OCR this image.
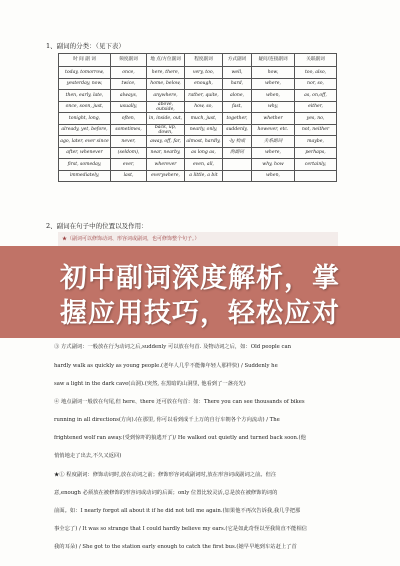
1、副词的分类：（见下表）
时 间 副 词	频度副词	地 点/方位副词	程度副词	方式副词	疑问/连接副词	关联副词
today, tomorrow,	once,	here, there,	very, too,	well,	how,	too, also,
yesterday, now,	twice,	home, below,	enough,	hard,	where,	nor, so,
then, early, late,	always,	anywhere,	rather, quite,	alone,	when,	as, on,off,
once, soon, just,	usually,	above, outside,	how, so,	fast,	why,	either,
tonight, long,	often,	in, inside, out,	much, just,	together,	whether	yes, no,
already, yet, before,	sometimes,	back, up, down,	nearly, only,	suddenly,	however, etc.	not, neither
ago, later, ever since	never,	away, off, far,	almost, hardly,	-ly 构成	关系副词	maybe,
after, whenever	(seldom),	near, nearby,	as long as,	的副词	where,	perhaps,
first, someday,	ever,	wherever	even, all,		why, how	certainly,
immediately,	last,	everywhere,	a little, a bit		when,	
2、副词在句子中的位置以及作用：
★（副词可以修饰动词、形容词或副词，也可修饰整个句子。）
初中副词深度解析，掌
握应用技巧，轻松应对
③ 方式副词：一般放在行为动词之后,suddenly 可以放在句首. 及物动词之后，如：Old people can
hardly walk as quickly as young people.(老年人几乎不能像年轻人那样快) / Suddenly he
saw a light in the dark cave(山洞).(突然, 在黑暗的山洞里, 他看到了一盏亮光)
④ 地点副词一般放在句尾,但 here、there 还可放在句首：如：There you can see thousands of bikes
running in all directions(方向).(在那里, 你可以看到成千上万的自行车朝各个方向流动) / The
frightened wolf ran away.(受到惊吓的狼逃开了)/ He walked out quietly and turned back soon.(他
悄悄地走了出去,不久又返回)
★① 程度副词：修饰动词时,放在动词之前；修饰形容词或副词时,放在形容词或副词之前。但注
意,enough 必须放在被修饰的形容词或动词的后面；only 位置比较灵活,总是放在被修饰的词的
前面。如：I nearly forgot all about it if he did not tell me again.(如果他不再次告诉我,我几乎把那
事全忘了) / It was so strange that I could hardly believe my ears.(它是如此奇怪以至我简直不能相信
我的耳朵) / She got to the station early enough to catch the first bus.(她早早地到车站赶上了首
